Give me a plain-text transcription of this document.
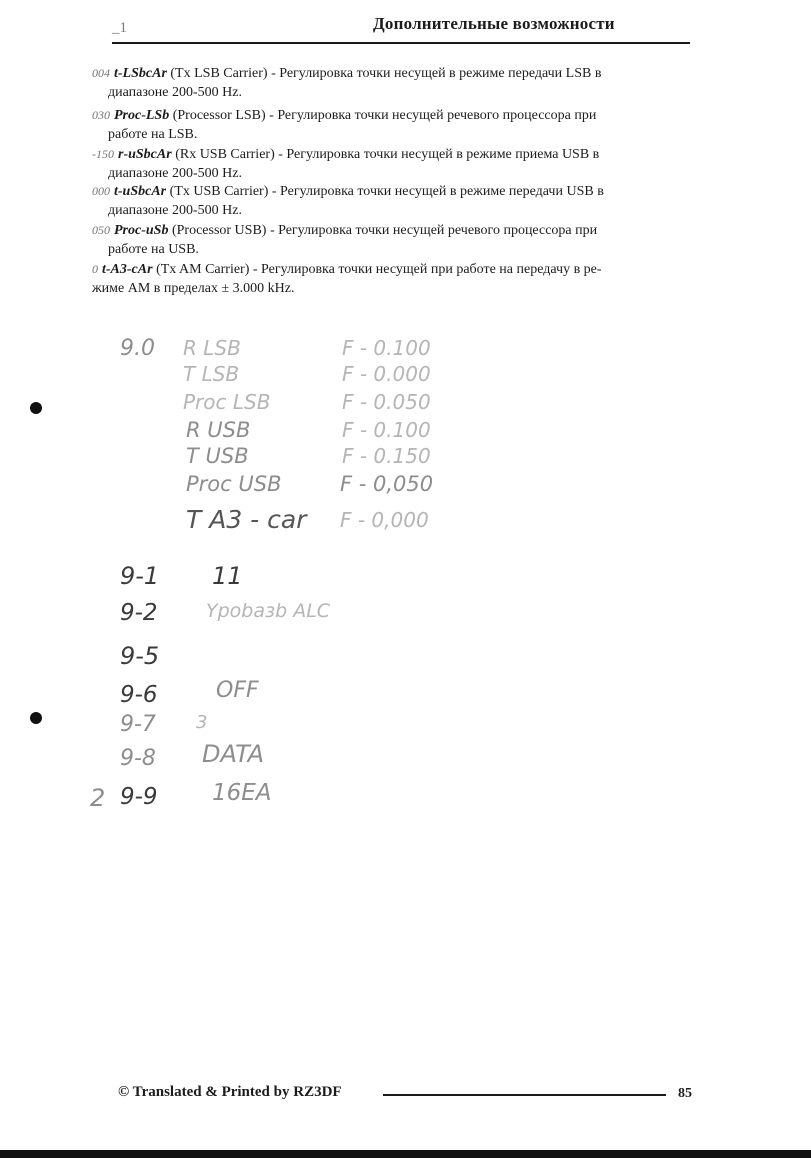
_1	Дополнительные возможности
004 t-LSbcAr (Tx LSB Carrier) - Регулировка точки несущей в режиме передачи LSB в
диапазоне 200-500 Hz.
030 Proc-LSb (Processor LSB) - Регулировка точки несущей речевого процессора при
работе на LSB.
-150 r-uSbcAr (Rx USB Carrier) - Регулировка точки несущей в режиме приема USB в
диапазоне 200-500 Hz.
000 t-uSbcAr (Tx USB Carrier) - Регулировка точки несущей в режиме передачи USB в
диапазоне 200-500 Hz.
050 Proc-uSb (Processor USB) - Регулировка точки несущей речевого процессора при
работе на USB.
0 t-A3-cAr (Tx AM Carrier) - Регулировка точки несущей при работе на передачу в ре-
жиме AM в пределах ± 3.000 kHz.
9.0 R LSB	F - 0.100
T LSB	F - 0.000
Proc LSB	F - 0.050
R USB	F - 0.100
T USB	F - 0.150
Proc USB	F - 0,050
T A3 - car F - 0,000
9-1 11
9-2	Ypobaзb ALC
9-5
9-6	OFF
9-7 3
9-8 DATA
2 9-9 16EA
© Translated & Printed by RZ3DF	85
